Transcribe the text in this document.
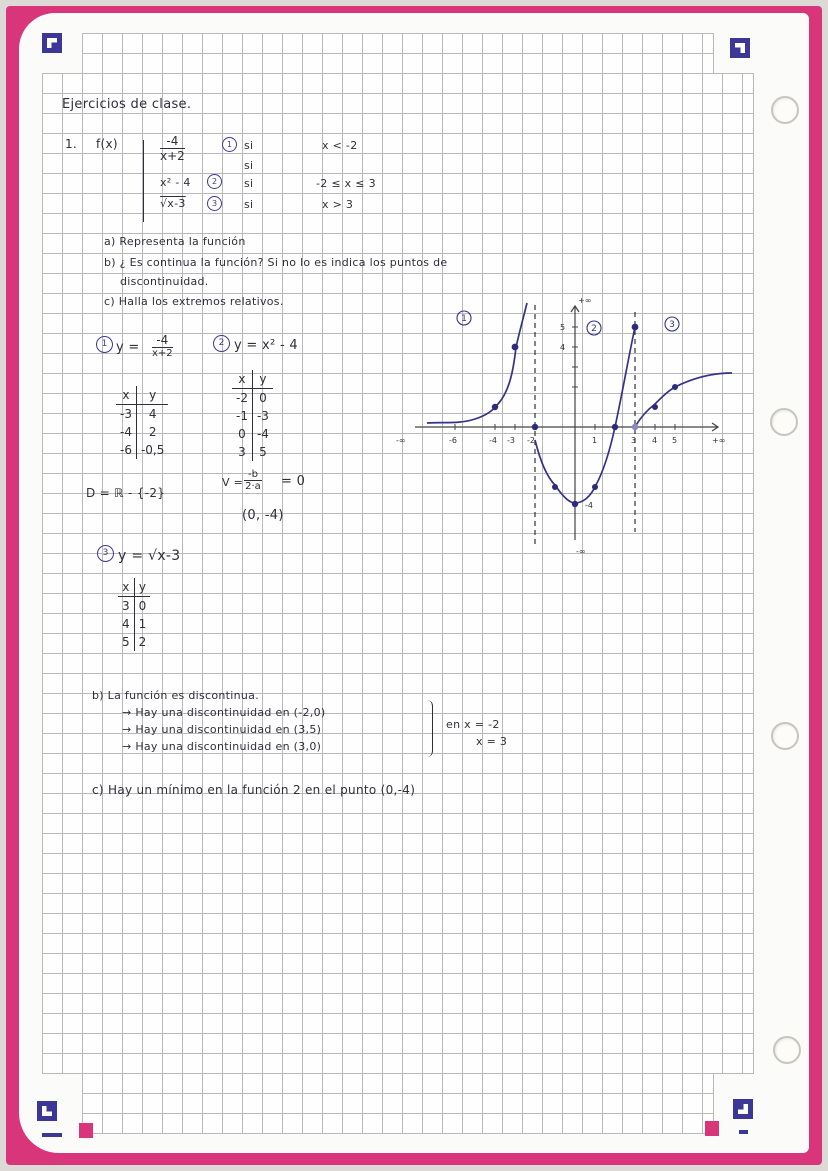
Ejercicios de clase.
1. f(x)	$\frac{-4}{x+2}$	1	si	x < -2
si
x² - 4	2	si	-2 ≤ x ≤ 3
√x-3	3	si	x > 3
a) Representa la función
b) ¿ Es continua la función? Si no lo es indica los puntos de
discontinuidad.
c) Halla los extremos relativos.
1 y =	-4
x+2
x	y
-3	4
-4	2
-6	-0,5
D = ℝ - {-2}
2 y = x² - 4
x	y
-2	0
-1	-3
0	-4
3	5
$V = \frac{-b}{2\cdot a} = 0$
(0, -4)
3 y = √x-3
x	y
3	0
4	1
5	2
b) La función es discontinua.
→ Hay una discontinuidad en (-2,0)
→ Hay una discontinuidad en (3,5)
→ Hay una discontinuidad en (3,0)
en x = -2
x = 3
c) Hay un mínimo en la función 2 en el punto (0,-4)
-∞	-6	-4 -3 -2	1	3 4 5	+∞
+∞
5
4
-4
-∞
1
2	3
